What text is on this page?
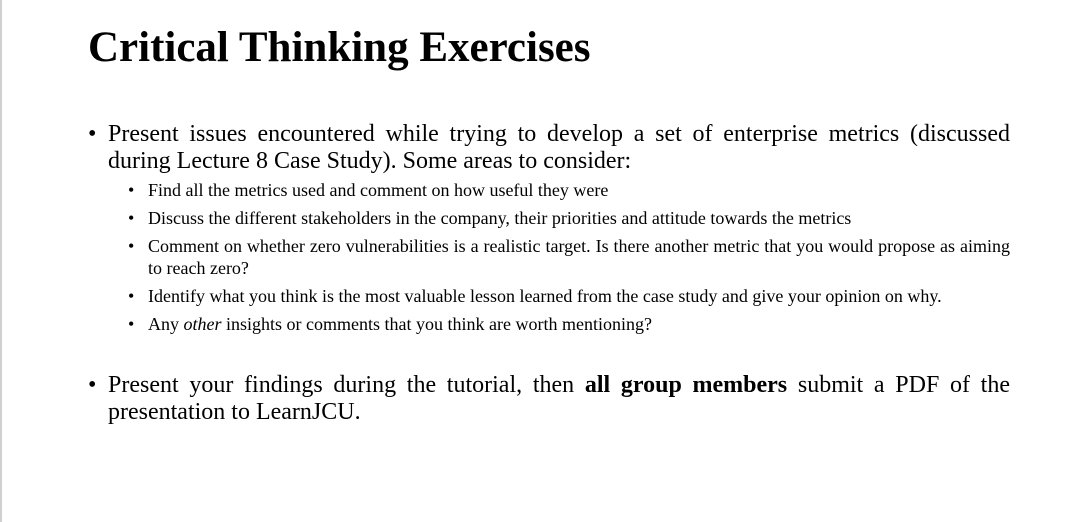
Critical Thinking Exercises
• Present issues encountered while trying to develop a set of enterprise metrics (discussed during Lecture 8 Case Study). Some areas to consider:
• Find all the metrics used and comment on how useful they were
• Discuss the different stakeholders in the company, their priorities and attitude towards the metrics
• Comment on whether zero vulnerabilities is a realistic target. Is there another metric that you would propose as aiming to reach zero?
• Identify what you think is the most valuable lesson learned from the case study and give your opinion on why.
• Any other insights or comments that you think are worth mentioning?
• Present your findings during the tutorial, then all group members submit a PDF of the presentation to LearnJCU.
